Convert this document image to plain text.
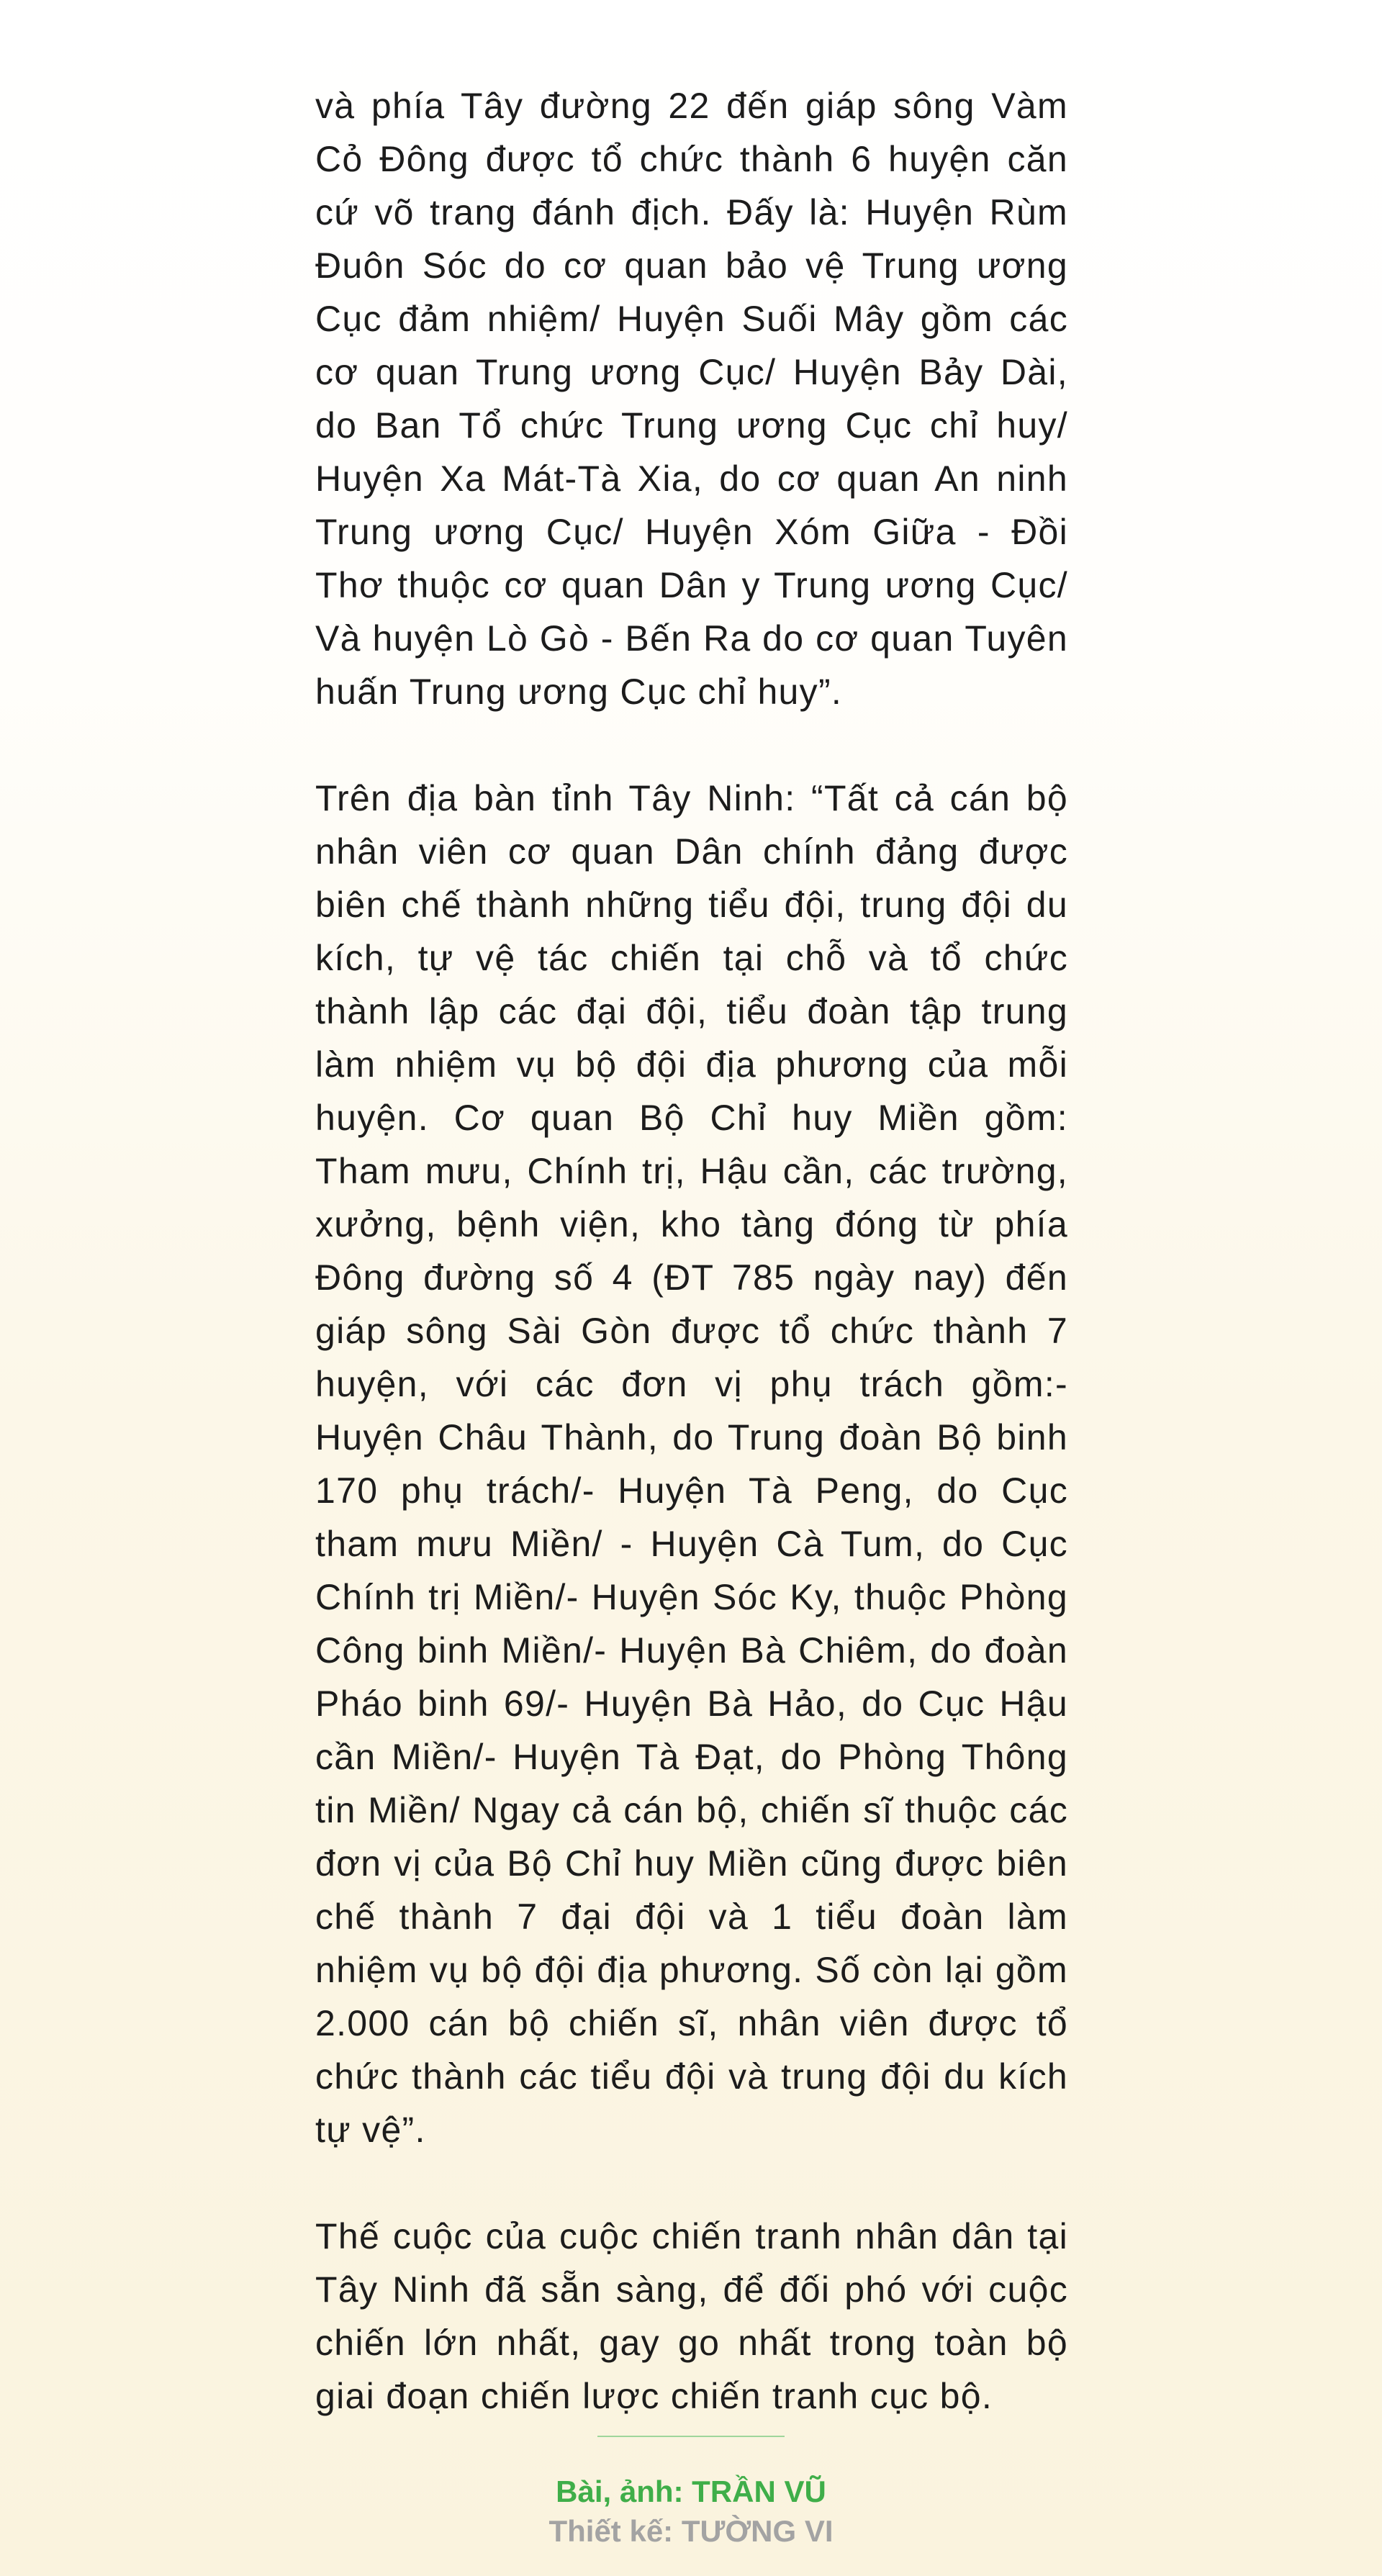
và phía Tây đường 22 đến giáp sông Vàm Cỏ Đông được tổ chức thành 6 huyện căn cứ võ trang đánh địch. Đấy là: Huyện Rùm Đuôn Sóc do cơ quan bảo vệ Trung ương Cục đảm nhiệm/ Huyện Suối Mây gồm các cơ quan Trung ương Cục/ Huyện Bảy Dài, do Ban Tổ chức Trung ương Cục chỉ huy/ Huyện Xa Mát-Tà Xia, do cơ quan An ninh Trung ương Cục/ Huyện Xóm Giữa - Đồi Thơ thuộc cơ quan Dân y Trung ương Cục/ Và huyện Lò Gò - Bến Ra do cơ quan Tuyên huấn Trung ương Cục chỉ huy”.

Trên địa bàn tỉnh Tây Ninh: “Tất cả cán bộ nhân viên cơ quan Dân chính đảng được biên chế thành những tiểu đội, trung đội du kích, tự vệ tác chiến tại chỗ và tổ chức thành lập các đại đội, tiểu đoàn tập trung làm nhiệm vụ bộ đội địa phương của mỗi huyện. Cơ quan Bộ Chỉ huy Miền gồm: Tham mưu, Chính trị, Hậu cần, các trường, xưởng, bệnh viện, kho tàng đóng từ phía Đông đường số 4 (ĐT 785 ngày nay) đến giáp sông Sài Gòn được tổ chức thành 7 huyện, với các đơn vị phụ trách gồm:- Huyện Châu Thành, do Trung đoàn Bộ binh 170 phụ trách/- Huyện Tà Peng, do Cục tham mưu Miền/ - Huyện Cà Tum, do Cục Chính trị Miền/- Huyện Sóc Ky, thuộc Phòng Công binh Miền/- Huyện Bà Chiêm, do đoàn Pháo binh 69/- Huyện Bà Hảo, do Cục Hậu cần Miền/- Huyện Tà Đạt, do Phòng Thông tin Miền/ Ngay cả cán bộ, chiến sĩ thuộc các đơn vị của Bộ Chỉ huy Miền cũng được biên chế thành 7 đại đội và 1 tiểu đoàn làm nhiệm vụ bộ đội địa phương. Số còn lại gồm 2.000 cán bộ chiến sĩ, nhân viên được tổ chức thành các tiểu đội và trung đội du kích tự vệ”.

Thế cuộc của cuộc chiến tranh nhân dân tại Tây Ninh đã sẵn sàng, để đối phó với cuộc chiến lớn nhất, gay go nhất trong toàn bộ giai đoạn chiến lược chiến tranh cục bộ.

Bài, ảnh: TRẦN VŨ
Thiết kế: TƯỜNG VI
